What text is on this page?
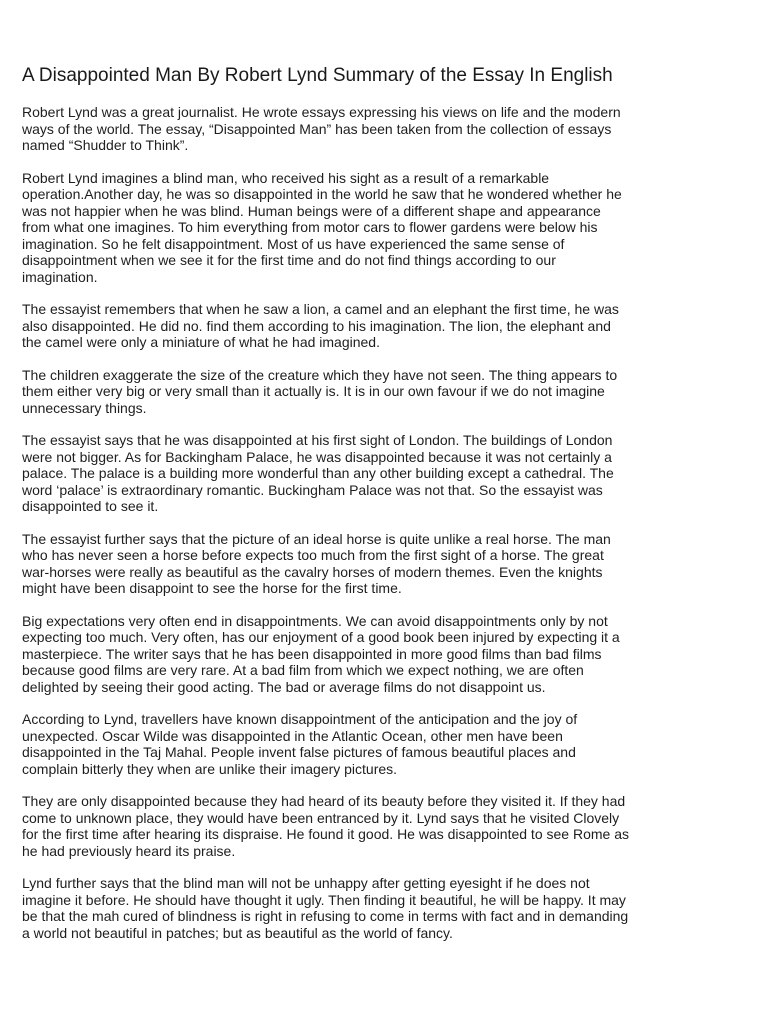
A Disappointed Man By Robert Lynd Summary of the Essay In English

Robert Lynd was a great journalist. He wrote essays expressing his views on life and the modern
ways of the world. The essay, “Disappointed Man” has been taken from the collection of essays
named “Shudder to Think”.

Robert Lynd imagines a blind man, who received his sight as a result of a remarkable
operation.Another day, he was so disappointed in the world he saw that he wondered whether he
was not happier when he was blind. Human beings were of a different shape and appearance
from what one imagines. To him everything from motor cars to flower gardens were below his
imagination. So he felt disappointment. Most of us have experienced the same sense of
disappointment when we see it for the first time and do not find things according to our
imagination.

The essayist remembers that when he saw a lion, a camel and an elephant the first time, he was
also disappointed. He did no. find them according to his imagination. The lion, the elephant and
the camel were only a miniature of what he had imagined.

The children exaggerate the size of the creature which they have not seen. The thing appears to
them either very big or very small than it actually is. It is in our own favour if we do not imagine
unnecessary things.

The essayist says that he was disappointed at his first sight of London. The buildings of London
were not bigger. As for Backingham Palace, he was disappointed because it was not certainly a
palace. The palace is a building more wonderful than any other building except a cathedral. The
word ‘palace’ is extraordinary romantic. Buckingham Palace was not that. So the essayist was
disappointed to see it.

The essayist further says that the picture of an ideal horse is quite unlike a real horse. The man
who has never seen a horse before expects too much from the first sight of a horse. The great
war-horses were really as beautiful as the cavalry horses of modern themes. Even the knights
might have been disappoint to see the horse for the first time.

Big expectations very often end in disappointments. We can avoid disappointments only by not
expecting too much. Very often, has our enjoyment of a good book been injured by expecting it a
masterpiece. The writer says that he has been disappointed in more good films than bad films
because good films are very rare. At a bad film from which we expect nothing, we are often
delighted by seeing their good acting. The bad or average films do not disappoint us.

According to Lynd, travellers have known disappointment of the anticipation and the joy of
unexpected. Oscar Wilde was disappointed in the Atlantic Ocean, other men have been
disappointed in the Taj Mahal. People invent false pictures of famous beautiful places and
complain bitterly they when are unlike their imagery pictures.

They are only disappointed because they had heard of its beauty before they visited it. If they had
come to unknown place, they would have been entranced by it. Lynd says that he visited Clovely
for the first time after hearing its dispraise. He found it good. He was disappointed to see Rome as
he had previously heard its praise.

Lynd further says that the blind man will not be unhappy after getting eyesight if he does not
imagine it before. He should have thought it ugly. Then finding it beautiful, he will be happy. It may
be that the mah cured of blindness is right in refusing to come in terms with fact and in demanding
a world not beautiful in patches; but as beautiful as the world of fancy.
